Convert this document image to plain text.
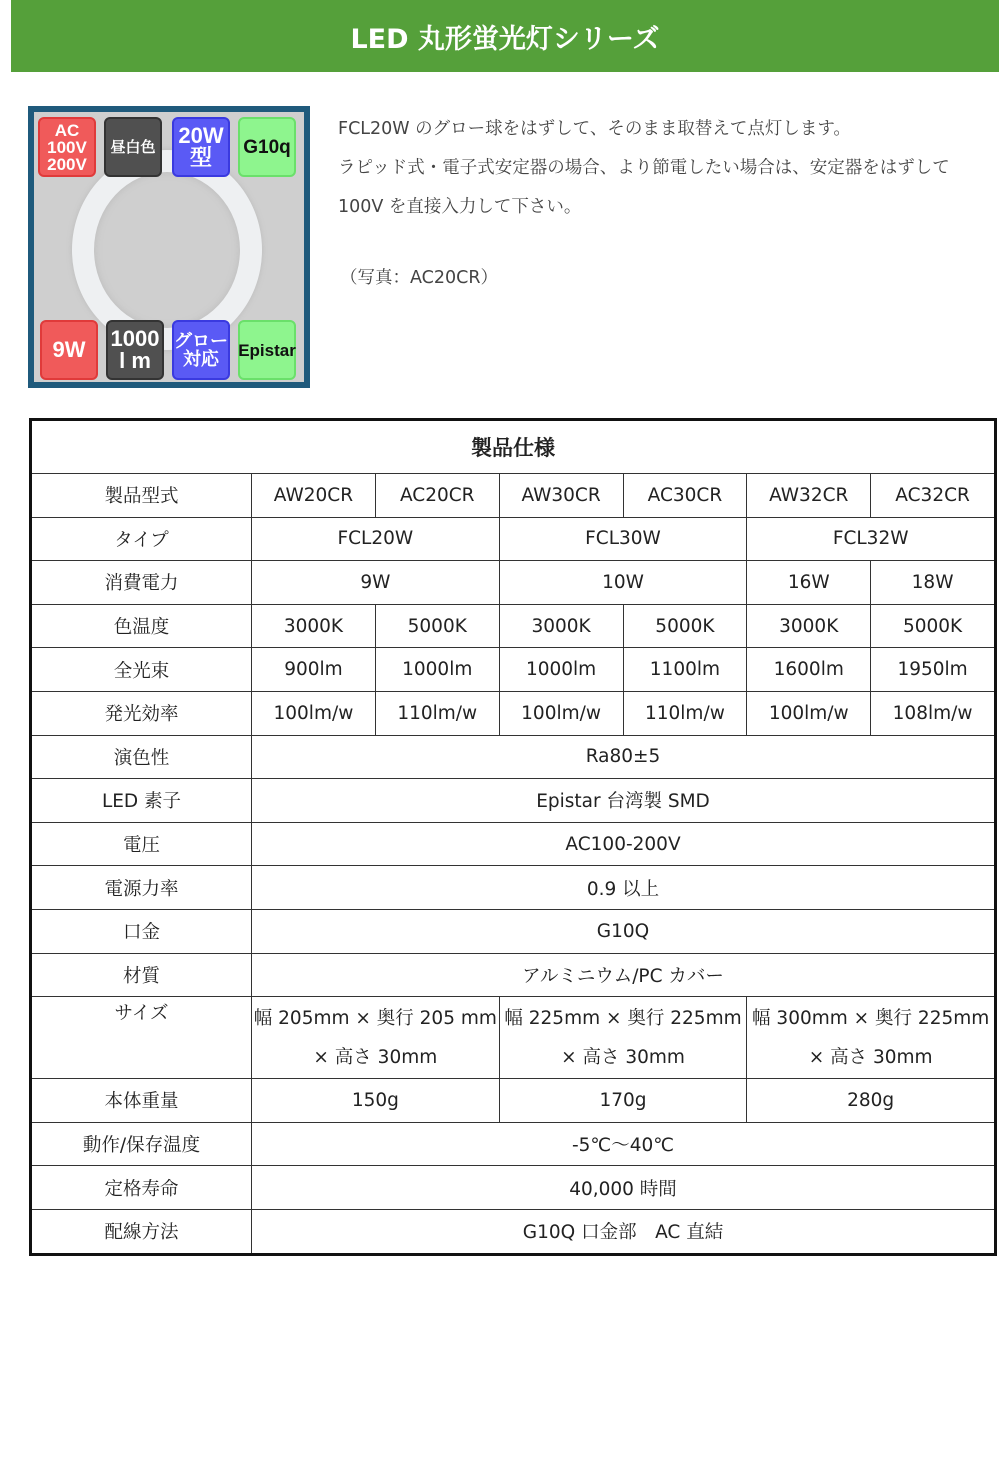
LED 丸形蛍光灯シリーズ
AC
100V
200V
昼白色 20W
型	G10q
9W	1000
l m
グロー
対応	Epistar
FCL20W のグロー球をはずして、そのまま取替えて点灯します。
ラピッド式・電子式安定器の場合、より節電したい場合は、安定器をはずして 100V を直接入力して下さい。
（写真：AC20CR）
製品仕様						
製品型式	AW20CR	AC20CR	AW30CR	AC30CR	AW32CR	AC32CR
タイプ	FCL20W		FCL30W		FCL32W	
消費電力	9W		10W		16W	18W
色温度	3000K	5000K	3000K	5000K	3000K	5000K
全光束	900lm	1000lm	1000lm	1100lm	1600lm	1950lm
発光効率	100lm/w	110lm/w	100lm/w	110lm/w	100lm/w	108lm/w
演色性	Ra80±5					
LED 素子	Epistar 台湾製 SMD					
電圧	AC100-200V					
電源力率	0.9 以上					
口金	G10Q					
材質	アルミニウム/PC カバー					
サイズ	幅 205mm × 奥行 205 mm × 高さ 30mm		幅 225mm × 奥行 225mm × 高さ 30mm		幅 300mm × 奥行 225mm × 高さ 30mm	
本体重量	150g		170g		280g	
動作/保存温度	-5℃～40℃					
定格寿命	40,000 時間					
配線方法	G10Q 口金部　AC 直結					
